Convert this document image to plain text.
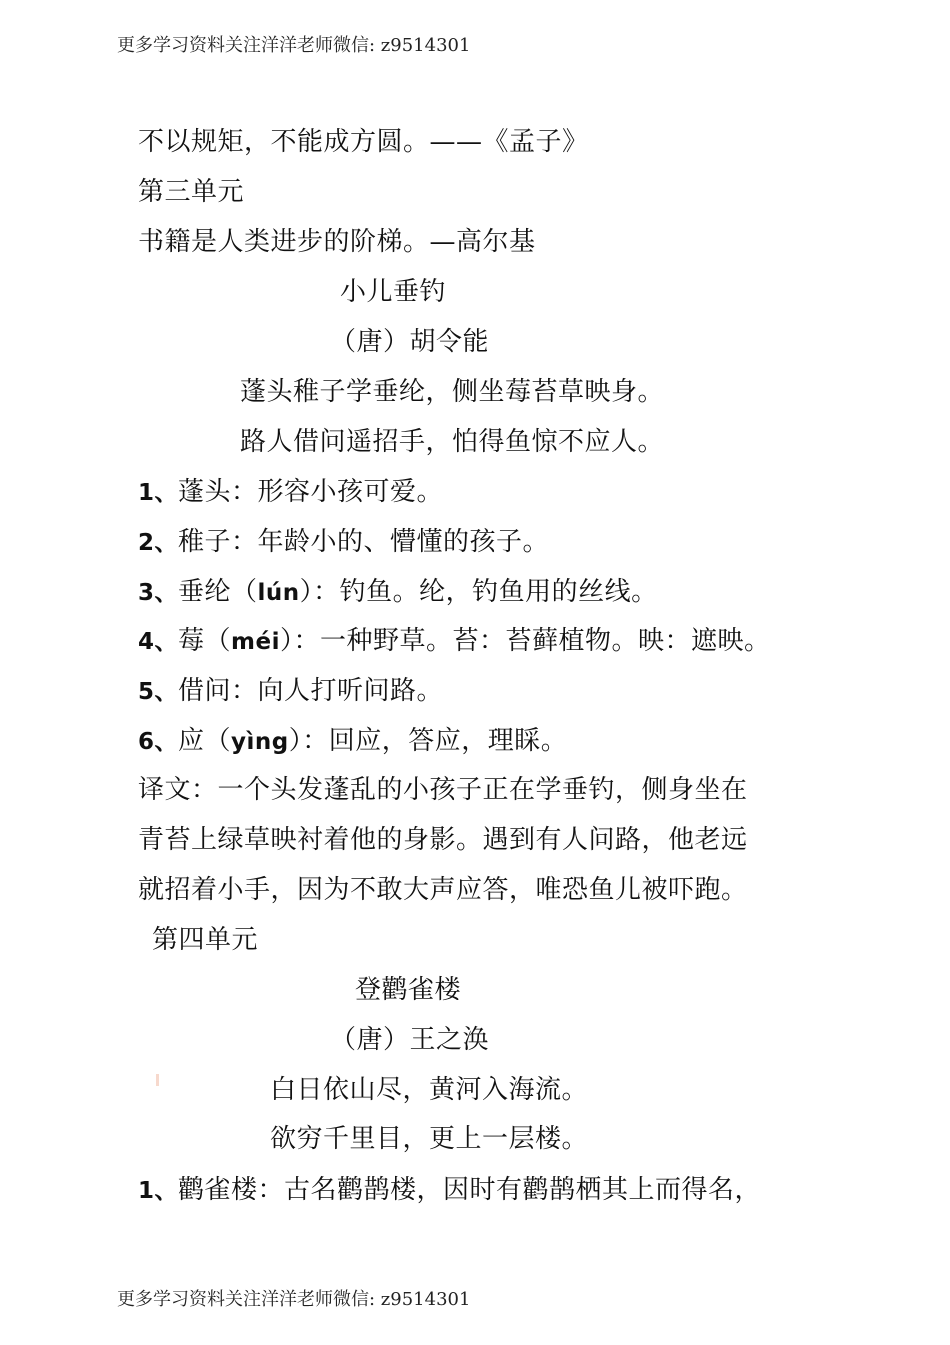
更多学习资料关注洋洋老师微信: z9514301
不以规矩，不能成方圆。——《孟子》
第三单元
书籍是人类进步的阶梯。—高尔基
小儿垂钓
（唐）胡令能
蓬头稚子学垂纶，侧坐莓苔草映身。
路人借问遥招手，怕得鱼惊不应人。
1、蓬头：形容小孩可爱。
2、稚子：年龄小的、懵懂的孩子。
3、垂纶（lún）：钓鱼。纶，钓鱼用的丝线。
4、莓（méi）：一种野草。苔：苔藓植物。映：遮映。
5、借问：向人打听问路。
6、应（yìng）：回应，答应，理睬。
译文：一个头发蓬乱的小孩子正在学垂钓，侧身坐在
青苔上绿草映衬着他的身影。遇到有人问路，他老远
就招着小手，因为不敢大声应答，唯恐鱼儿被吓跑。
第四单元
登鹳雀楼
（唐）王之涣
白日依山尽，黄河入海流。
欲穷千里目，更上一层楼。
1、鹳雀楼：古名鹳鹊楼，因时有鹳鹊栖其上而得名，
更多学习资料关注洋洋老师微信: z9514301
